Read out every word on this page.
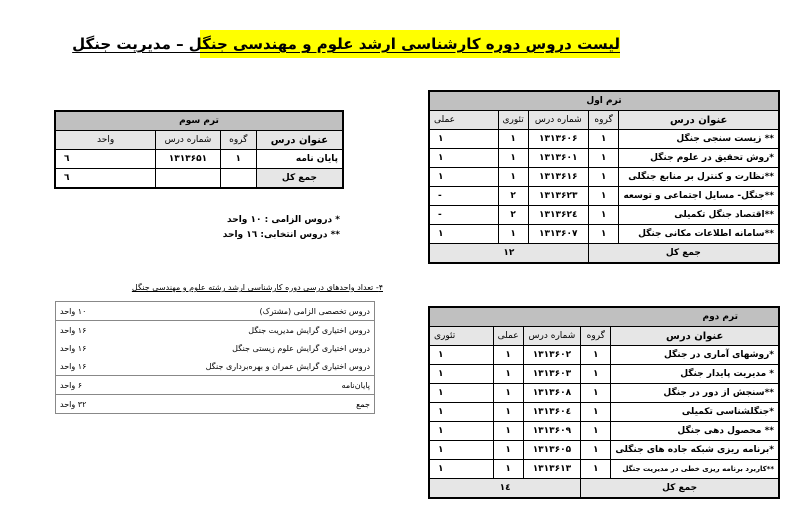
لیست دروس دوره کارشناسی ارشد علوم و مهندسی جنگل – مدیریت جنگل
ترم اول				
عنوان درس	گروه	شماره درس	تئوری	عملی
** زیست سنجی جنگل	۱	۱۳۱۳۶۰۶	۱	۱
*روش تحقیق در علوم جنگل	۱	۱۳۱۳۶۰۱	۱	۱
**نظارت و کنترل بر منابع جنگلی	۱	۱۳۱۳۶۱۶	۱	۱
**جنگل- مسایل اجتماعی و توسعه	۱	۱۳۱۳۶۲۳	۲	-
**اقتصاد جنگل تکمیلی	۱	۱۳۱۳۶۲٤	۲	-
**سامانه اطلاعات مکانی جنگل	۱	۱۳۱۳۶۰۷	۱	۱
جمع کل		۱۲		
ترم سوم			
عنوان درس	گروه	شماره درس	واحد
پایان نامه	۱	۱۳۱۳۶۵۱	٦
جمع کل			٦
* دروس الزامی : ۱۰ واحد
** دروس انتخابی: ۱٦ واحد
۴- تعداد واحدهای درسی دوره کارشناسی ارشد رشته علوم و مهندسی جنگل
دروس تخصصی الزامی (مشترک)	۱۰ واحد
دروس اختیاری گرایش مدیریت جنگل	۱۶ واحد
دروس اختیاری گرایش علوم زیستی جنگل	۱۶ واحد
دروس اختیاری گرایش عمران و بهره‌برداری جنگل	۱۶ واحد
پایان‌نامه	۶ واحد
جمع	۳۲ واحد
ترم دوم				
عنوان درس	گروه	شماره درس	عملی	تئوری
*روشهای آماری در جنگل	۱	۱۳۱۳۶۰۲	۱	۱
* مدیریت پایدار جنگل	۱	۱۳۱۳۶۰۳	۱	۱
**سنجش از دور در جنگل	۱	۱۳۱۳۶۰۸	۱	۱
*جنگلشناسی تکمیلی	۱	۱۳۱۳۶۰٤	۱	۱
** محصول دهی جنگل	۱	۱۳۱۳۶۰۹	۱	۱
*برنامه ریزی شبکه جاده های جنگلی	۱	۱۳۱۳۶۰۵	۱	۱
**کاربرد برنامه ریزی خطی در مدیریت جنگل	۱	۱۳۱۳۶۱۳	۱	۱
جمع کل		۱٤		
